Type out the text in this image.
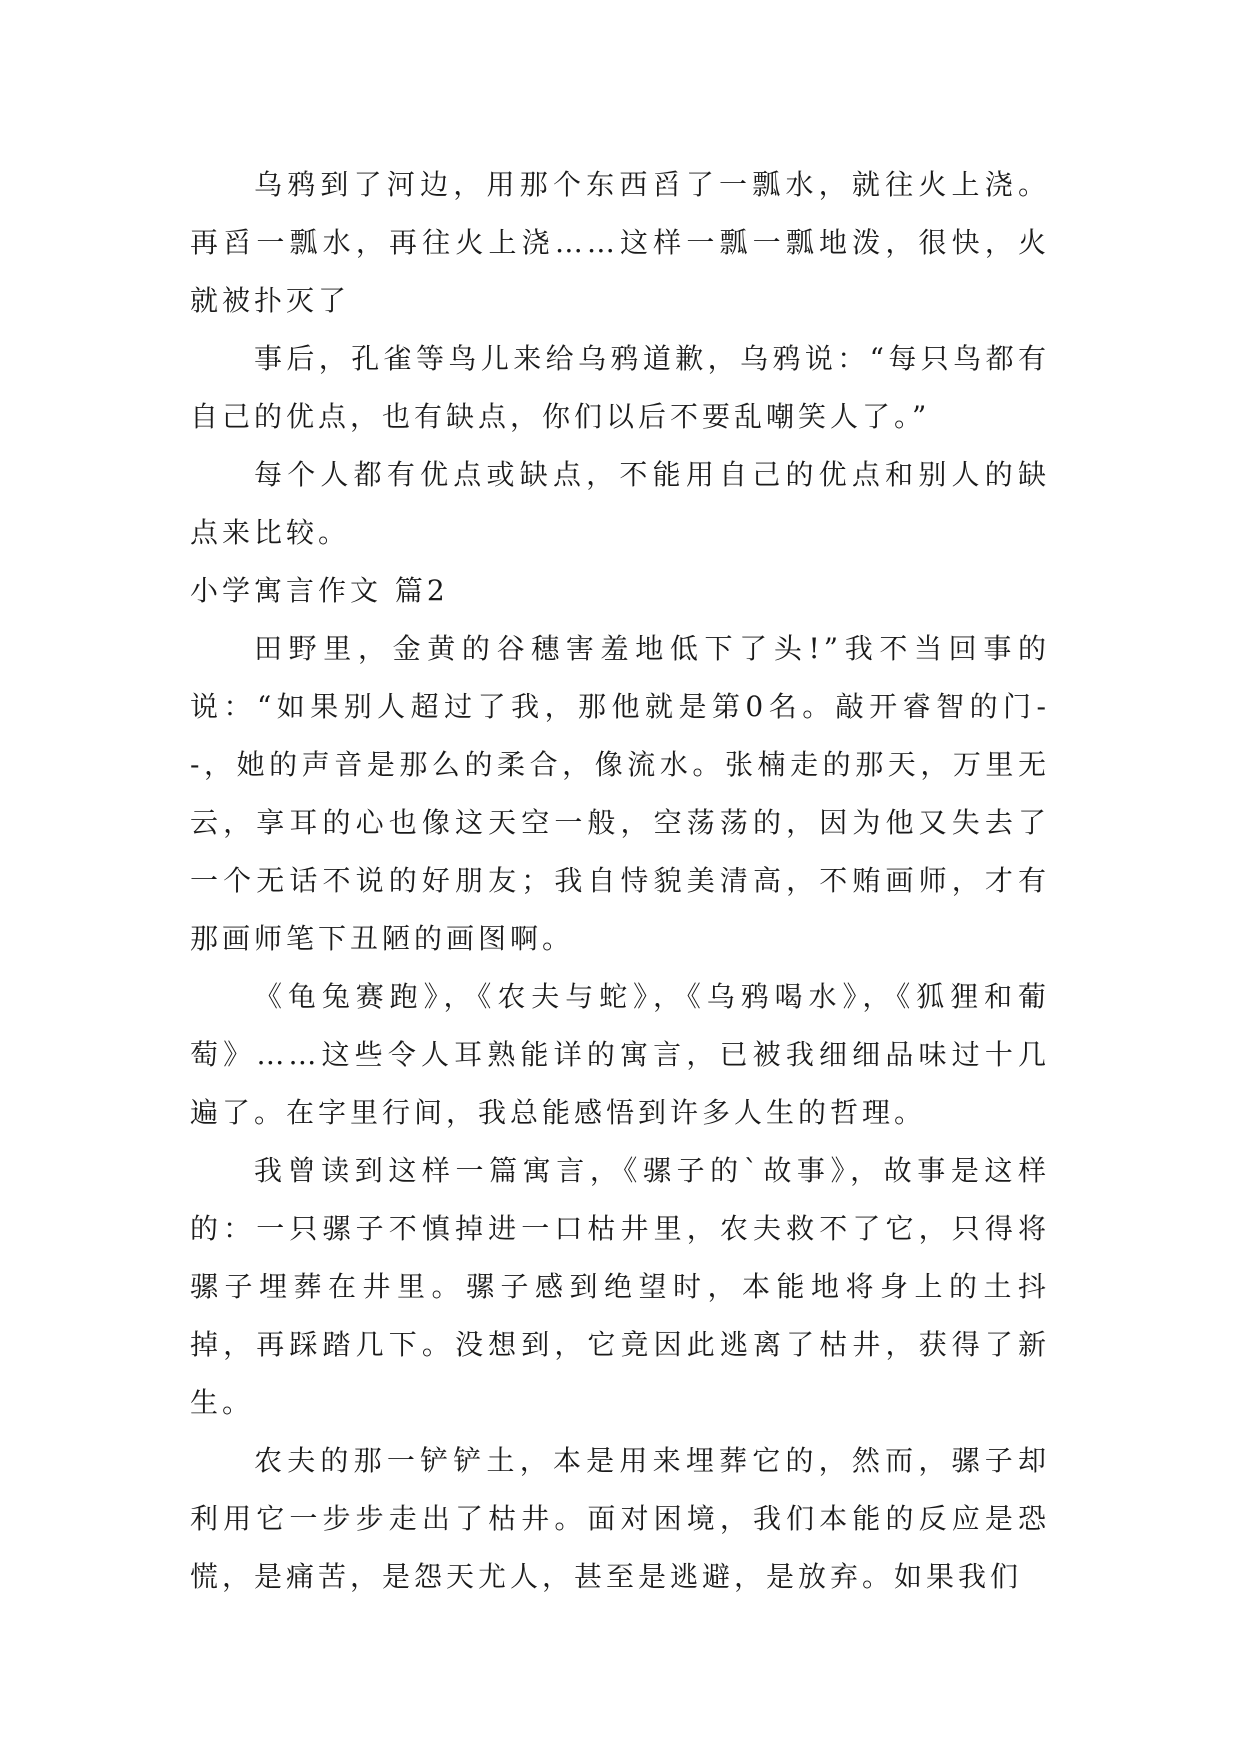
乌鸦到了河边，用那个东西舀了一瓢水，就往火上浇。再舀一瓢水，再往火上浇……这样一瓢一瓢地泼，很快，火就被扑灭了

事后，孔雀等鸟儿来给乌鸦道歉，乌鸦说：“每只鸟都有自己的优点，也有缺点，你们以后不要乱嘲笑人了。”

每个人都有优点或缺点，不能用自己的优点和别人的缺点来比较。

小学寓言作文 篇2

田野里，金黄的谷穗害羞地低下了头!”我不当回事的说：“如果别人超过了我，那他就是第0名。敲开睿智的门--，她的声音是那么的柔合，像流水。张楠走的那天，万里无云，享耳的心也像这天空一般，空荡荡的，因为他又失去了一个无话不说的好朋友；我自恃貌美清高，不贿画师，才有那画师笔下丑陋的画图啊。

《龟兔赛跑》，《农夫与蛇》，《乌鸦喝水》，《狐狸和葡萄》……这些令人耳熟能详的寓言，已被我细细品味过十几遍了。在字里行间，我总能感悟到许多人生的哲理。

我曾读到这样一篇寓言，《骡子的`故事》，故事是这样的：一只骡子不慎掉进一口枯井里，农夫救不了它，只得将骡子埋葬在井里。骡子感到绝望时，本能地将身上的土抖掉，再踩踏几下。没想到，它竟因此逃离了枯井，获得了新生。

农夫的那一铲铲土，本是用来埋葬它的，然而，骡子却利用它一步步走出了枯井。面对困境，我们本能的反应是恐慌，是痛苦，是怨天尤人，甚至是逃避，是放弃。如果我们
